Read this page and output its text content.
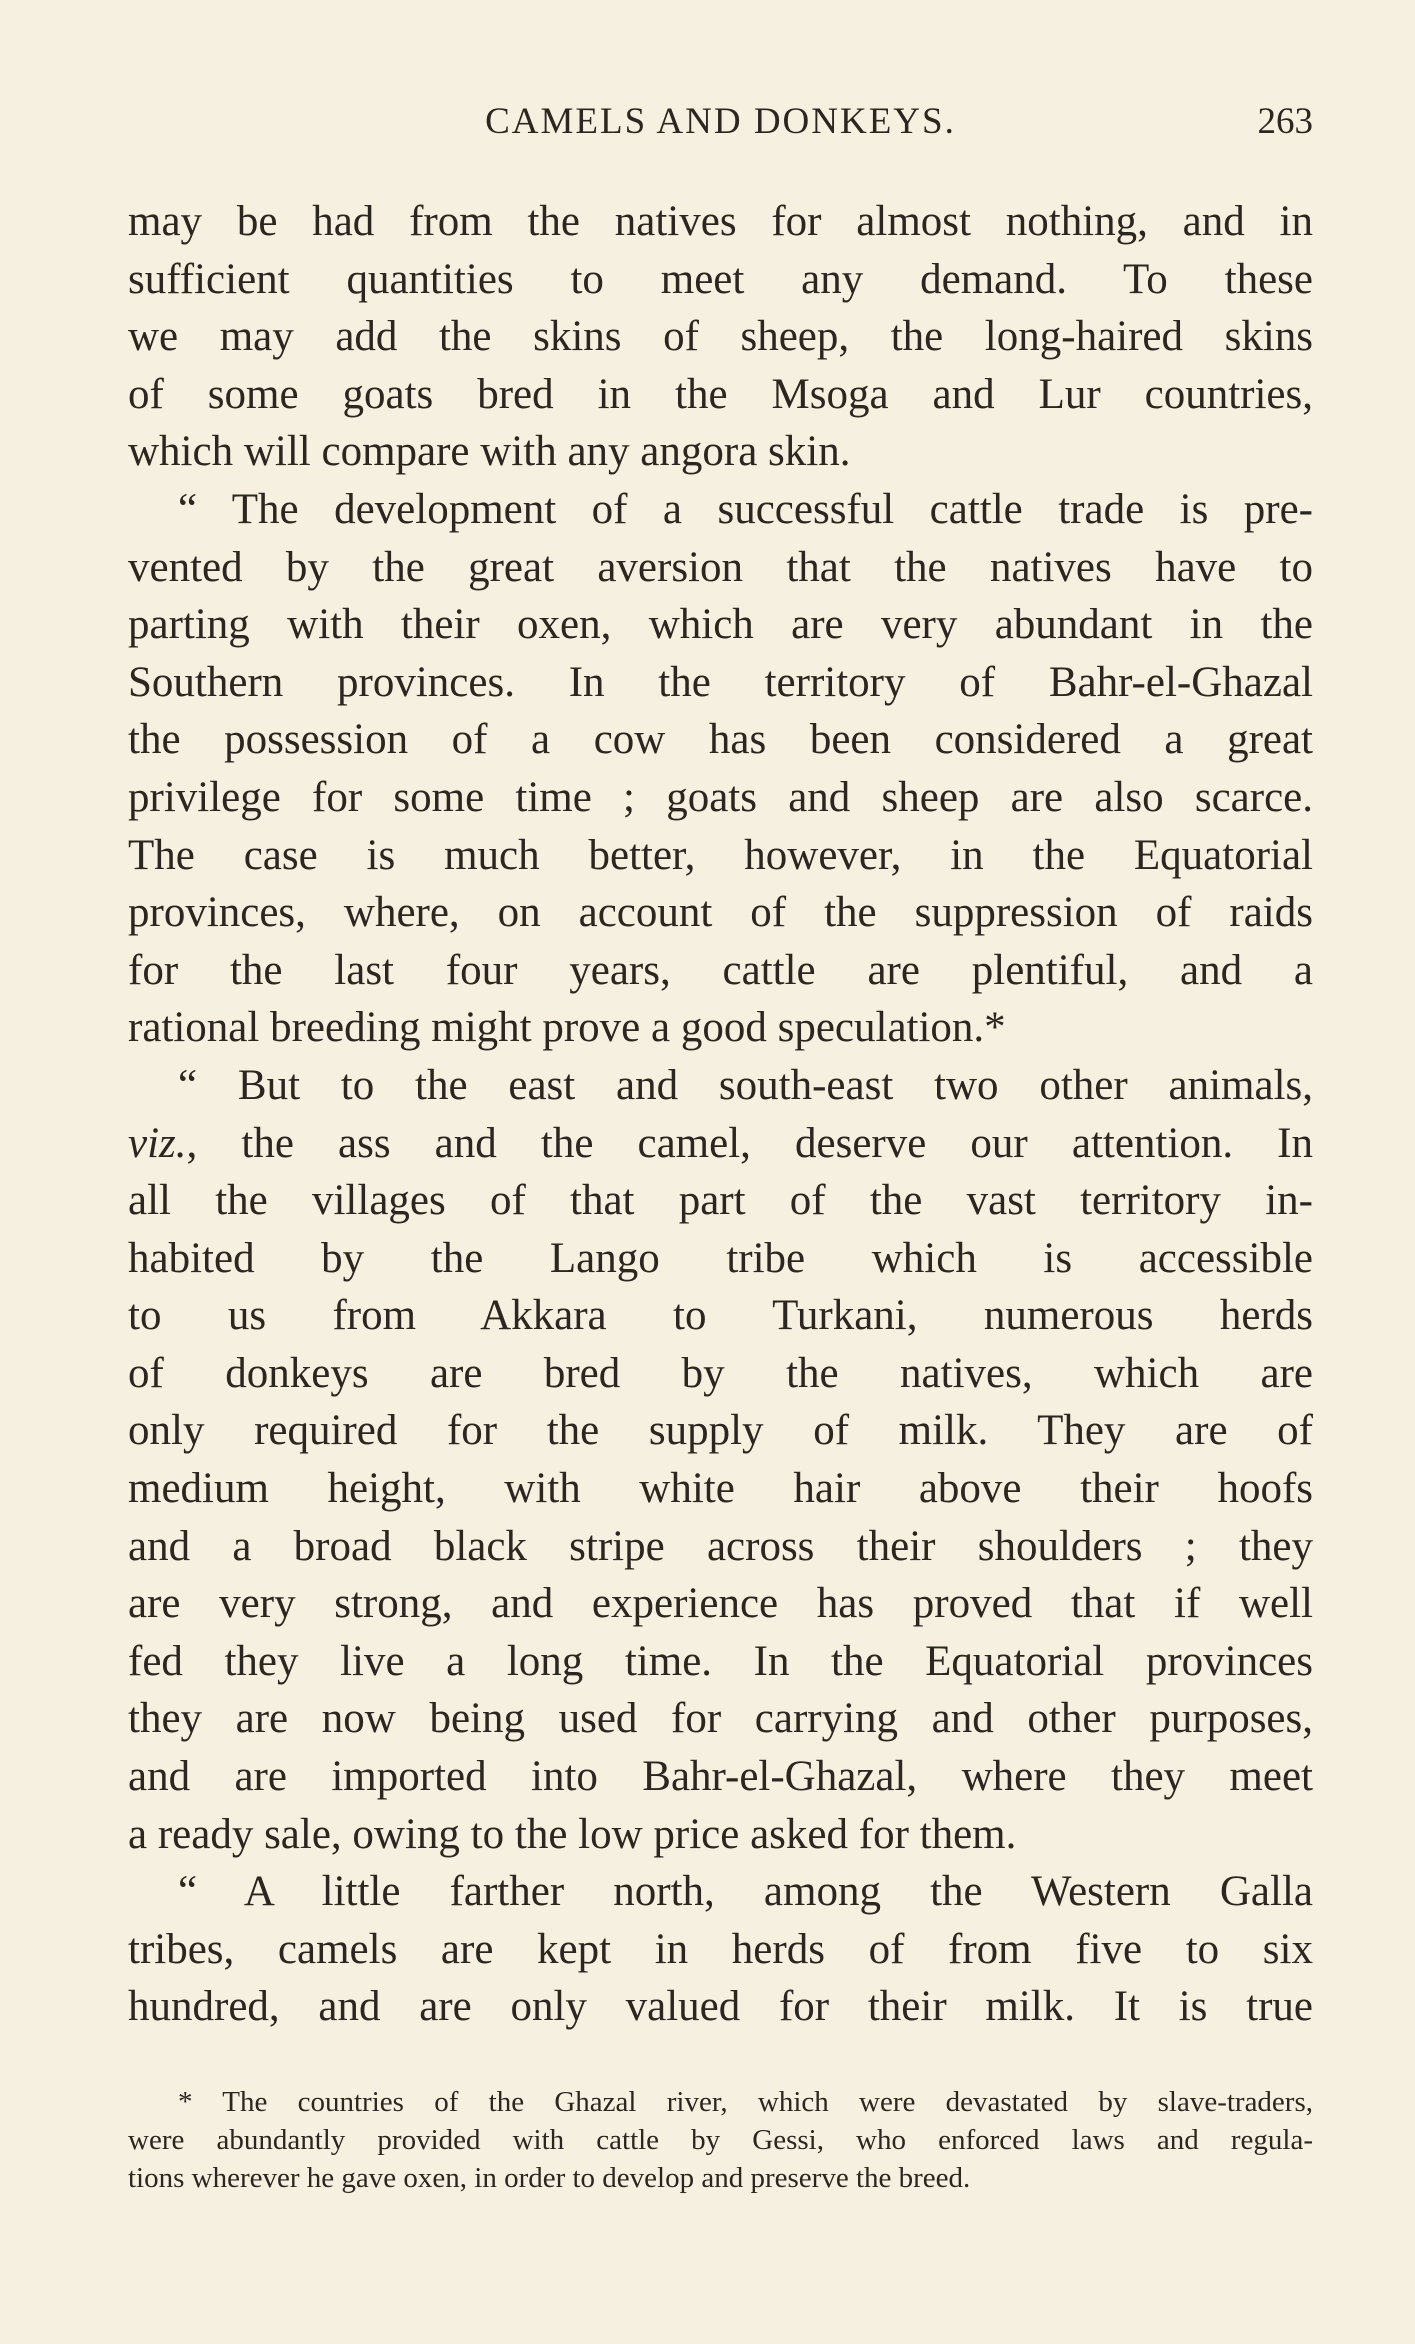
CAMELS AND DONKEYS.	263
may be had from the natives for almost nothing, and in
sufficient quantities to meet any demand. To these
we may add the skins of sheep, the long-haired skins
of some goats bred in the Msoga and Lur countries,
which will compare with any angora skin.
“ The development of a successful cattle trade is pre-
vented by the great aversion that the natives have to
parting with their oxen, which are very abundant in the
Southern provinces. In the territory of Bahr-el-Ghazal
the possession of a cow has been considered a great
privilege for some time ; goats and sheep are also scarce.
The case is much better, however, in the Equatorial
provinces, where, on account of the suppression of raids
for the last four years, cattle are plentiful, and a
rational breeding might prove a good speculation.*
“ But to the east and south-east two other animals,
viz., the ass and the camel, deserve our attention. In
all the villages of that part of the vast territory in-
habited by the Lango tribe which is accessible
to us from Akkara to Turkani, numerous herds
of donkeys are bred by the natives, which are
only required for the supply of milk. They are of
medium height, with white hair above their hoofs
and a broad black stripe across their shoulders ; they
are very strong, and experience has proved that if well
fed they live a long time. In the Equatorial provinces
they are now being used for carrying and other purposes,
and are imported into Bahr-el-Ghazal, where they meet
a ready sale, owing to the low price asked for them.
“ A little farther north, among the Western Galla
tribes, camels are kept in herds of from five to six
hundred, and are only valued for their milk. It is true
* The countries of the Ghazal river, which were devastated by slave-traders,
were abundantly provided with cattle by Gessi, who enforced laws and regula-
tions wherever he gave oxen, in order to develop and preserve the breed.
